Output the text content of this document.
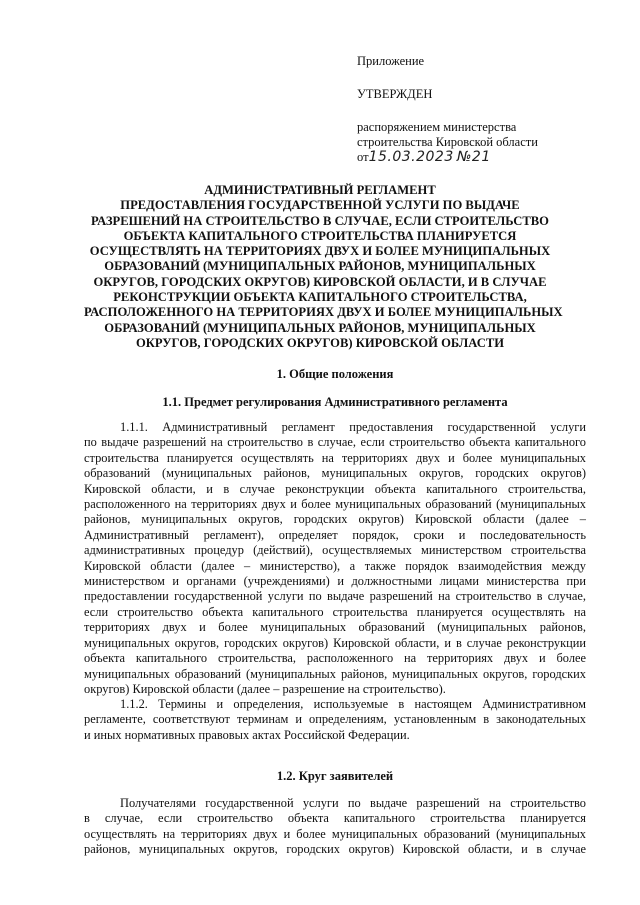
Приложение

УТВЕРЖДЕН

распоряжением министерства

строительства Кировской области

от15.03.2023 №21

АДМИНИСТРАТИВНЫЙ РЕГЛАМЕНТ

ПРЕДОСТАВЛЕНИЯ ГОСУДАРСТВЕННОЙ УСЛУГИ ПО ВЫДАЧЕ

РАЗРЕШЕНИЙ НА СТРОИТЕЛЬСТВО В СЛУЧАЕ, ЕСЛИ СТРОИТЕЛЬСТВО

ОБЪЕКТА КАПИТАЛЬНОГО СТРОИТЕЛЬСТВА ПЛАНИРУЕТСЯ

ОСУЩЕСТВЛЯТЬ НА ТЕРРИТОРИЯХ ДВУХ И БОЛЕЕ МУНИЦИПАЛЬНЫХ

ОБРАЗОВАНИЙ (МУНИЦИПАЛЬНЫХ РАЙОНОВ, МУНИЦИПАЛЬНЫХ

ОКРУГОВ, ГОРОДСКИХ ОКРУГОВ) КИРОВСКОЙ ОБЛАСТИ, И В СЛУЧАЕ

РЕКОНСТРУКЦИИ ОБЪЕКТА КАПИТАЛЬНОГО СТРОИТЕЛЬСТВА,

РАСПОЛОЖЕННОГО НА ТЕРРИТОРИЯХ ДВУХ И БОЛЕЕ МУНИЦИПАЛЬНЫХ

ОБРАЗОВАНИЙ (МУНИЦИПАЛЬНЫХ РАЙОНОВ, МУНИЦИПАЛЬНЫХ

ОКРУГОВ, ГОРОДСКИХ ОКРУГОВ) КИРОВСКОЙ ОБЛАСТИ

1. Общие положения

1.1. Предмет регулирования Административного регламента

1.1.1. Административный регламент предоставления государственной услуги
по выдаче разрешений на строительство в случае, если строительство объекта капитального
строительства планируется осуществлять на территориях двух и более муниципальных
образований (муниципальных районов, муниципальных округов, городских округов)
Кировской области, и в случае реконструкции объекта капитального строительства,
расположенного на территориях двух и более муниципальных образований (муниципальных
районов, муниципальных округов, городских округов) Кировской области (далее –
Административный регламент), определяет порядок, сроки и последовательность
административных процедур (действий), осуществляемых министерством строительства
Кировской области (далее – министерство), а также порядок взаимодействия между
министерством и органами (учреждениями) и должностными лицами министерства при
предоставлении государственной услуги по выдаче разрешений на строительство в случае,
если строительство объекта капитального строительства планируется осуществлять на
территориях двух и более муниципальных образований (муниципальных районов,
муниципальных округов, городских округов) Кировской области, и в случае реконструкции
объекта капитального строительства, расположенного на территориях двух и более
муниципальных образований (муниципальных районов, муниципальных округов, городских
округов) Кировской области (далее – разрешение на строительство).
1.1.2. Термины и определения, используемые в настоящем Административном
регламенте, соответствуют терминам и определениям, установленным в законодательных
и иных нормативных правовых актах Российской Федерации.

1.2. Круг заявителей

Получателями государственной услуги по выдаче разрешений на строительство
в случае, если строительство объекта капитального строительства планируется
осуществлять на территориях двух и более муниципальных образований (муниципальных
районов, муниципальных округов, городских округов) Кировской области, и в случае
